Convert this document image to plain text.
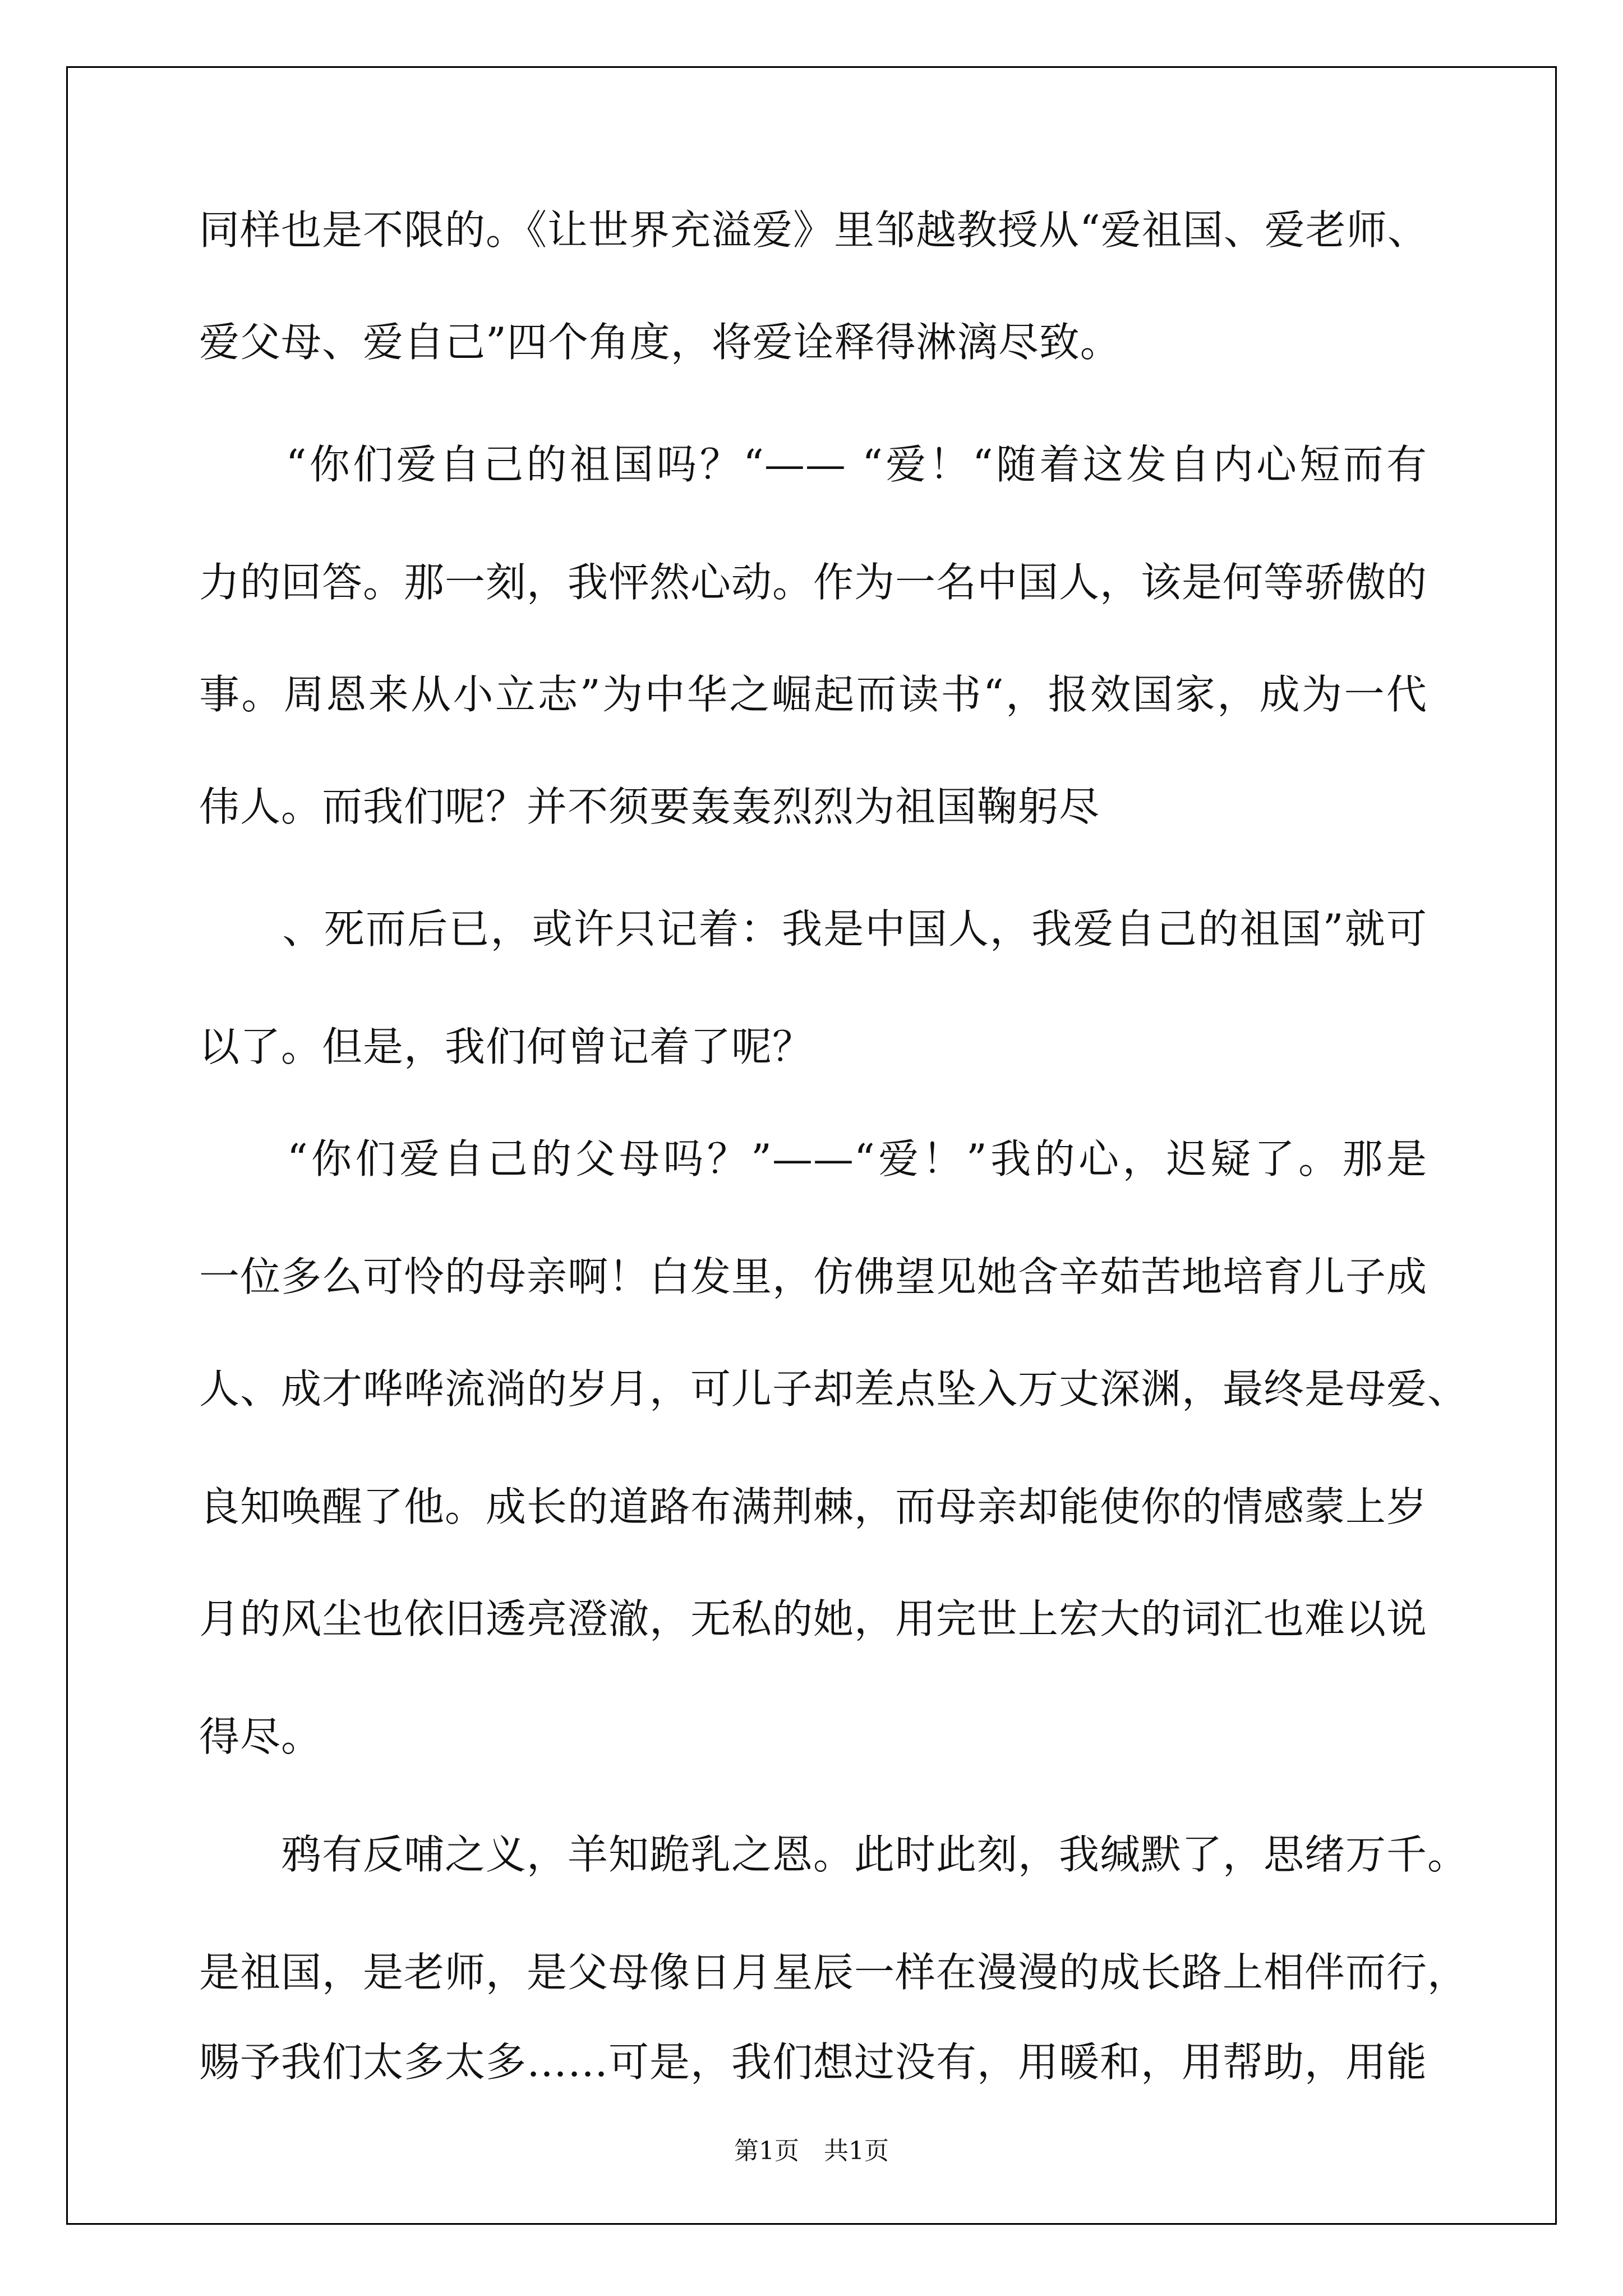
同样也是不限的。《让世界充溢爱》里邹越教授从“爱祖国、爱老师、
爱父母、爱自己”四个角度，将爱诠释得淋漓尽致。
　　“你们爱自己的祖国吗？“—— “爱！“随着这发自内心短而有
力的回答。那一刻，我怦然心动。作为一名中国人，该是何等骄傲的
事。周恩来从小立志”为中华之崛起而读书“，报效国家，成为一代
伟人。而我们呢？并不须要轰轰烈烈为祖国鞠躬尽
　　、死而后已，或许只记着：我是中国人，我爱自己的祖国”就可
以了。但是，我们何曾记着了呢？
　　“你们爱自己的父母吗？”——“爱！”我的心，迟疑了。那是
一位多么可怜的母亲啊！白发里，仿佛望见她含辛茹苦地培育儿子成
人、成才哗哗流淌的岁月，可儿子却差点坠入万丈深渊，最终是母爱、
良知唤醒了他。成长的道路布满荆棘，而母亲却能使你的情感蒙上岁
月的风尘也依旧透亮澄澈，无私的她，用完世上宏大的词汇也难以说
得尽。
　　鸦有反哺之义，羊知跪乳之恩。此时此刻，我缄默了，思绪万千。
是祖国，是老师，是父母像日月星辰一样在漫漫的成长路上相伴而行，
赐予我们太多太多……可是，我们想过没有，用暖和，用帮助，用能
第1页　共1页
